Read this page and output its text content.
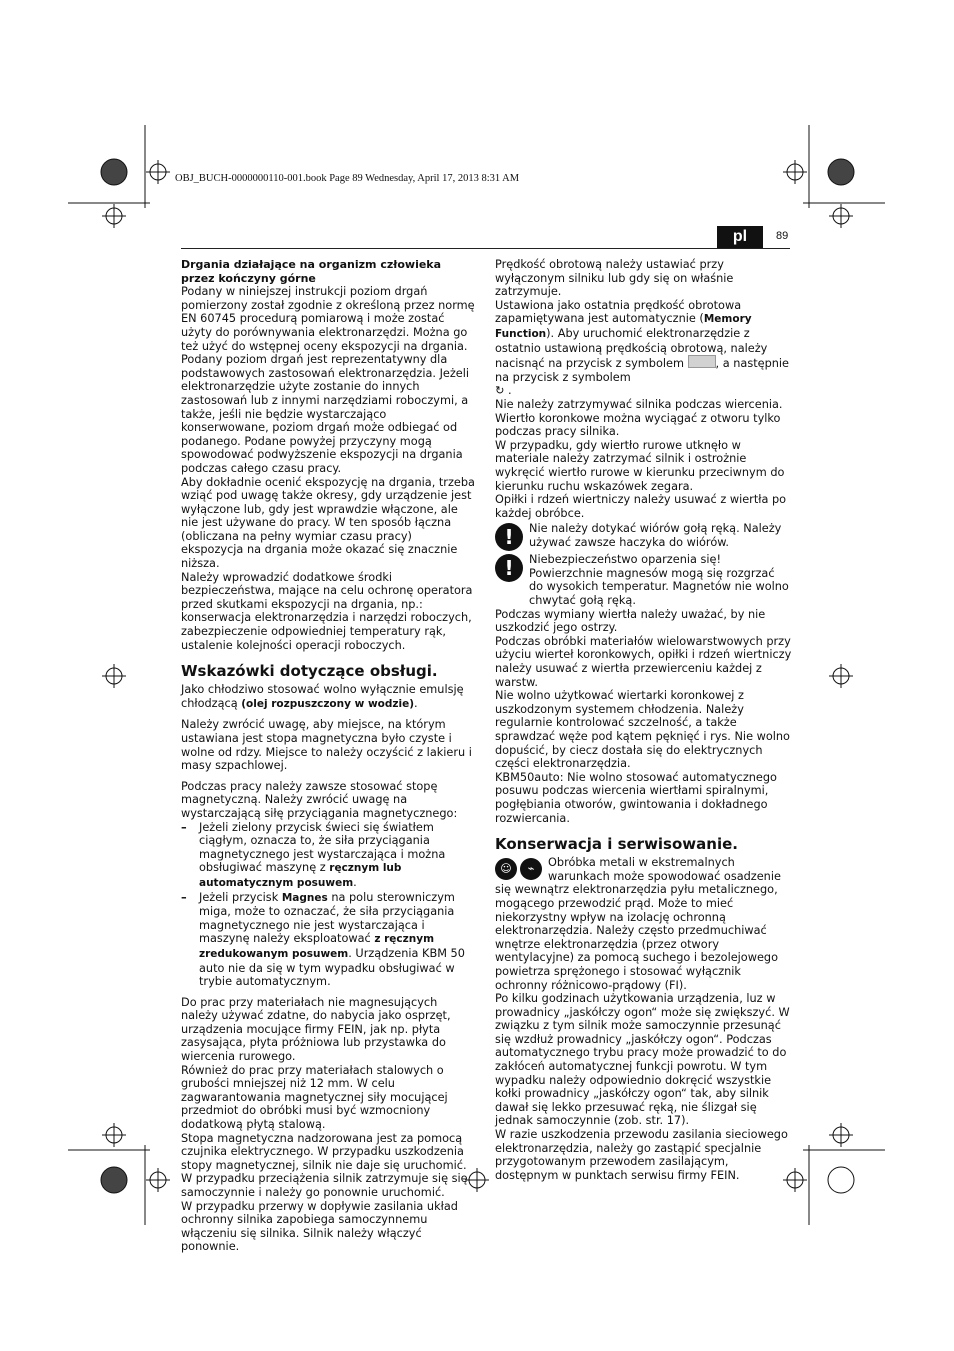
OBJ_BUCH-0000000110-001.book Page 89 Wednesday, April 17, 2013 8:31 AM
pl	89
Drgania działające na organizm człowieka przez kończyny górne

Podany w niniejszej instrukcji poziom drgań pomierzony został zgodnie z określoną przez normę EN 60745 procedurą pomiarową i może zostać użyty do porównywania elektronarzędzi. Można go też użyć do wstępnej oceny ekspozycji na drgania.

Podany poziom drgań jest reprezentatywny dla podstawowych zastosowań elektronarzędzia. Jeżeli elektronarzędzie użyte zostanie do innych zastosowań lub z innymi narzędziami roboczymi, a także, jeśli nie będzie wystarczająco konserwowane, poziom drgań może odbiegać od podanego. Podane powyżej przyczyny mogą spowodować podwyższenie ekspozycji na drgania podczas całego czasu pracy.

Aby dokładnie ocenić ekspozycję na drgania, trzeba wziąć pod uwagę także okresy, gdy urządzenie jest wyłączone lub, gdy jest wprawdzie włączone, ale nie jest używane do pracy. W ten sposób łączna (obliczana na pełny wymiar czasu pracy) ekspozycja na drgania może okazać się znacznie niższa.

Należy wprowadzić dodatkowe środki bezpieczeństwa, mające na celu ochronę operatora przed skutkami ekspozycji na drgania, np.: konserwacja elektronarzędzia i narzędzi roboczych, zabezpieczenie odpowiedniej temperatury rąk, ustalenie kolejności operacji roboczych.

Wskazówki dotyczące obsługi.

Jako chłodziwo stosować wolno wyłącznie emulsję chłodzącą (olej rozpuszczony w wodzie).

Należy zwrócić uwagę, aby miejsce, na którym ustawiana jest stopa magnetyczna było czyste i wolne od rdzy. Miejsce to należy oczyścić z lakieru i masy szpachlowej.

Podczas pracy należy zawsze stosować stopę magnetyczną. Należy zwrócić uwagę na wystarczającą siłę przyciągania magnetycznego:

–	Jeżeli zielony przycisk świeci się światłem ciągłym, oznacza to, że siła przyciągania magnetycznego jest wystarczająca i można obsługiwać maszynę z ręcznym lub automatycznym posuwem.
–	Jeżeli przycisk Magnes na polu sterowniczym miga, może to oznaczać, że siła przyciągania magnetycznego nie jest wystarczająca i maszynę należy eksploatować z ręcznym zredukowanym posuwem. Urządzenia KBM 50 auto nie da się w tym wypadku obsługiwać w trybie automatycznym.

Do prac przy materiałach nie magnesujących należy używać zdatne, do nabycia jako osprzęt, urządzenia mocujące firmy FEIN, jak np. płyta zasysająca, płyta próżniowa lub przystawka do wiercenia rurowego.

Również do prac przy materiałach stalowych o grubości mniejszej niż 12 mm. W celu zagwarantowania magnetycznej siły mocującej przedmiot do obróbki musi być wzmocniony dodatkową płytą stalową.

Stopa magnetyczna nadzorowana jest za pomocą czujnika elektrycznego. W przypadku uszkodzenia stopy magnetycznej, silnik nie daje się uruchomić.

W przypadku przeciążenia silnik zatrzymuje się się samoczynnie i należy go ponownie uruchomić.

W przypadku przerwy w dopływie zasilania układ ochronny silnika zapobiega samoczynnemu włączeniu się silnika. Silnik należy włączyć ponownie.

Prędkość obrotową należy ustawiać przy wyłączonym silniku lub gdy się on właśnie zatrzymuje.

Ustawiona jako ostatnia prędkość obrotowa zapamiętywana jest automatycznie (Memory Function). Aby uruchomić elektronarzędzie z ostatnio ustawioną prędkością obrotową, należy nacisnąć na przycisk z symbolem , a następnie na przycisk z symbolem
↻ .

Nie należy zatrzymywać silnika podczas wiercenia.

Wiertło koronkowe można wyciągać z otworu tylko podczas pracy silnika.

W przypadku, gdy wiertło rurowe utknęło w materiale należy zatrzymać silnik i ostrożnie wykręcić wiertło rurowe w kierunku przeciwnym do kierunku ruchu wskazówek zegara.

Opiłki i rdzeń wiertniczy należy usuwać z wiertła po każdej obróbce.

!	Nie należy dotykać wiórów gołą ręką. Należy używać zawsze haczyka do wiórów.
!	Niebezpieczeństwo oparzenia się! Powierzchnie magnesów mogą się rozgrzać do wysokich temperatur. Magnetów nie wolno chwytać gołą ręką.

Podczas wymiany wiertła należy uważać, by nie uszkodzić jego ostrzy.

Podczas obróbki materiałów wielowarstwowych przy użyciu wierteł koronkowych, opiłki i rdzeń wiertniczy należy usuwać z wiertła przewierceniu każdej z warstw.

Nie wolno użytkować wiertarki koronkowej z uszkodzonym systemem chłodzenia. Należy regularnie kontrolować szczelność, a także sprawdzać węże pod kątem pęknięć i rys. Nie wolno dopuścić, by ciecz dostała się do elektrycznych części elektronarzędzia.

KBM50auto: Nie wolno stosować automatycznego posuwu podczas wiercenia wiertłami spiralnymi, pogłębiania otworów, gwintowania i dokładnego rozwiercania.

Konserwacja i serwisowanie.

☺	⌁	Obróbka metali w ekstremalnych warunkach może spowodować osadzenie się wewnątrz elektronarzędzia pyłu metalicznego, mogącego przewodzić prąd. Może to mieć niekorzystny wpływ na izolację ochronną elektronarzędzia. Należy często przedmuchiwać wnętrze elektronarzędzia (przez otwory wentylacyjne) za pomocą suchego i bezolejowego powietrza sprężonego i stosować wyłącznik ochronny różnicowo-prądowy (FI).

Po kilku godzinach użytkowania urządzenia, luz w prowadnicy „jaskółczy ogon“ może się zwiększyć. W związku z tym silnik może samoczynnie przesunąć się wzdłuż prowadnicy „jaskółczy ogon“. Podczas automatycznego trybu pracy może prowadzić to do zakłóceń automatycznej funkcji powrotu. W tym wypadku należy odpowiednio dokręcić wszystkie kołki prowadnicy „jaskółczy ogon“ tak, aby silnik dawał się lekko przesuwać ręką, nie ślizgał się jednak samoczynnie (zob. str. 17).

W razie uszkodzenia przewodu zasilania sieciowego elektronarzędzia, należy go zastąpić specjalnie przygotowanym przewodem zasilającym, dostępnym w punktach serwisu firmy FEIN.
